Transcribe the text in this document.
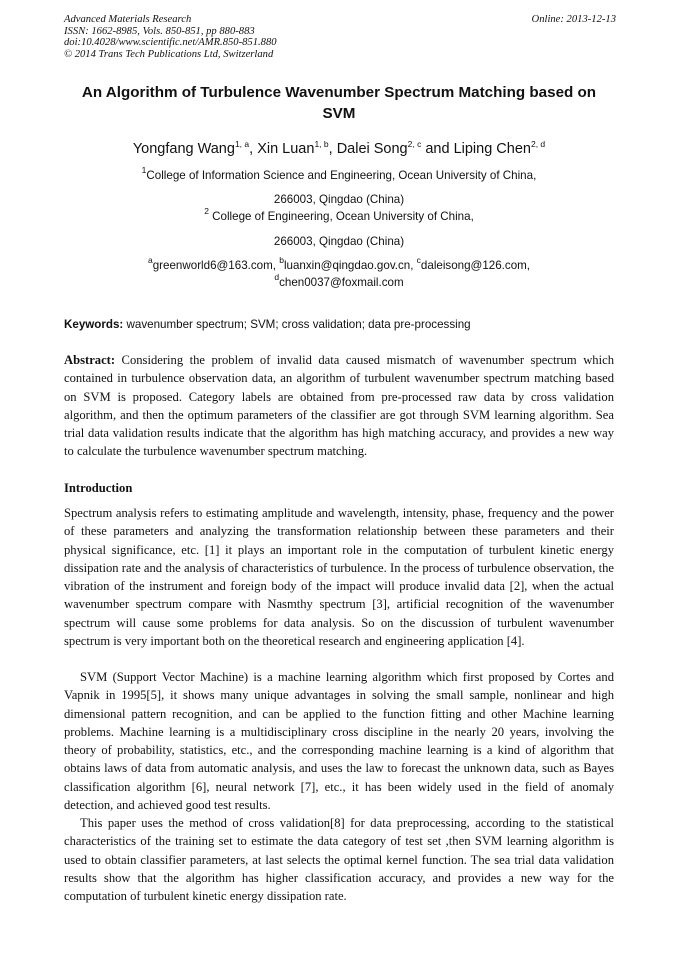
Advanced Materials Research
ISSN: 1662-8985, Vols. 850-851, pp 880-883
doi:10.4028/www.scientific.net/AMR.850-851.880
© 2014 Trans Tech Publications Ltd, Switzerland
Online: 2013-12-13
An Algorithm of Turbulence Wavenumber Spectrum Matching based on SVM
Yongfang Wang$^{1, a}$, Xin Luan$^{1, b}$, Dalei Song$^{2, c}$ and Liping Chen$^{2, d}$
$^1$College of Information Science and Engineering, Ocean University of China,
266003, Qingdao (China)
$^2$ College of Engineering, Ocean University of China,
266003, Qingdao (China)
$^a$greenworld6@163.com, $^b$luanxin@qingdao.gov.cn, $^c$daleisong@126.com,
$^d$chen0037@foxmail.com
Keywords: wavenumber spectrum; SVM; cross validation; data pre-processing
Abstract: Considering the problem of invalid data caused mismatch of wavenumber spectrum which contained in turbulence observation data, an algorithm of turbulent wavenumber spectrum matching based on SVM is proposed. Category labels are obtained from pre-processed raw data by cross validation algorithm, and then the optimum parameters of the classifier are got through SVM learning algorithm. Sea trial data validation results indicate that the algorithm has high matching accuracy, and provides a new way to calculate the turbulence wavenumber spectrum matching.
Introduction
Spectrum analysis refers to estimating amplitude and wavelength, intensity, phase, frequency and the power of these parameters and analyzing the transformation relationship between these parameters and their physical significance, etc. [1] it plays an important role in the computation of turbulent kinetic energy dissipation rate and the analysis of characteristics of turbulence. In the process of turbulence observation, the vibration of the instrument and foreign body of the impact will produce invalid data [2], when the actual wavenumber spectrum compare with Nasmthy spectrum [3], artificial recognition of the wavenumber spectrum will cause some problems for data analysis. So on the discussion of turbulent wavenumber spectrum is very important both on the theoretical research and engineering application [4].
SVM (Support Vector Machine) is a machine learning algorithm which first proposed by Cortes and Vapnik in 1995[5], it shows many unique advantages in solving the small sample, nonlinear and high dimensional pattern recognition, and can be applied to the function fitting and other Machine learning problems. Machine learning is a multidisciplinary cross discipline in the nearly 20 years, involving the theory of probability, statistics, etc., and the corresponding machine learning is a kind of algorithm that obtains laws of data from automatic analysis, and uses the law to forecast the unknown data, such as Bayes classification algorithm [6], neural network [7], etc., it has been widely used in the field of anomaly detection, and achieved good test results.
This paper uses the method of cross validation[8] for data preprocessing, according to the statistical characteristics of the training set to estimate the data category of test set ,then SVM learning algorithm is used to obtain classifier parameters, at last selects the optimal kernel function. The sea trial data validation results show that the algorithm has higher classification accuracy, and provides a new way for the computation of turbulent kinetic energy dissipation rate.
